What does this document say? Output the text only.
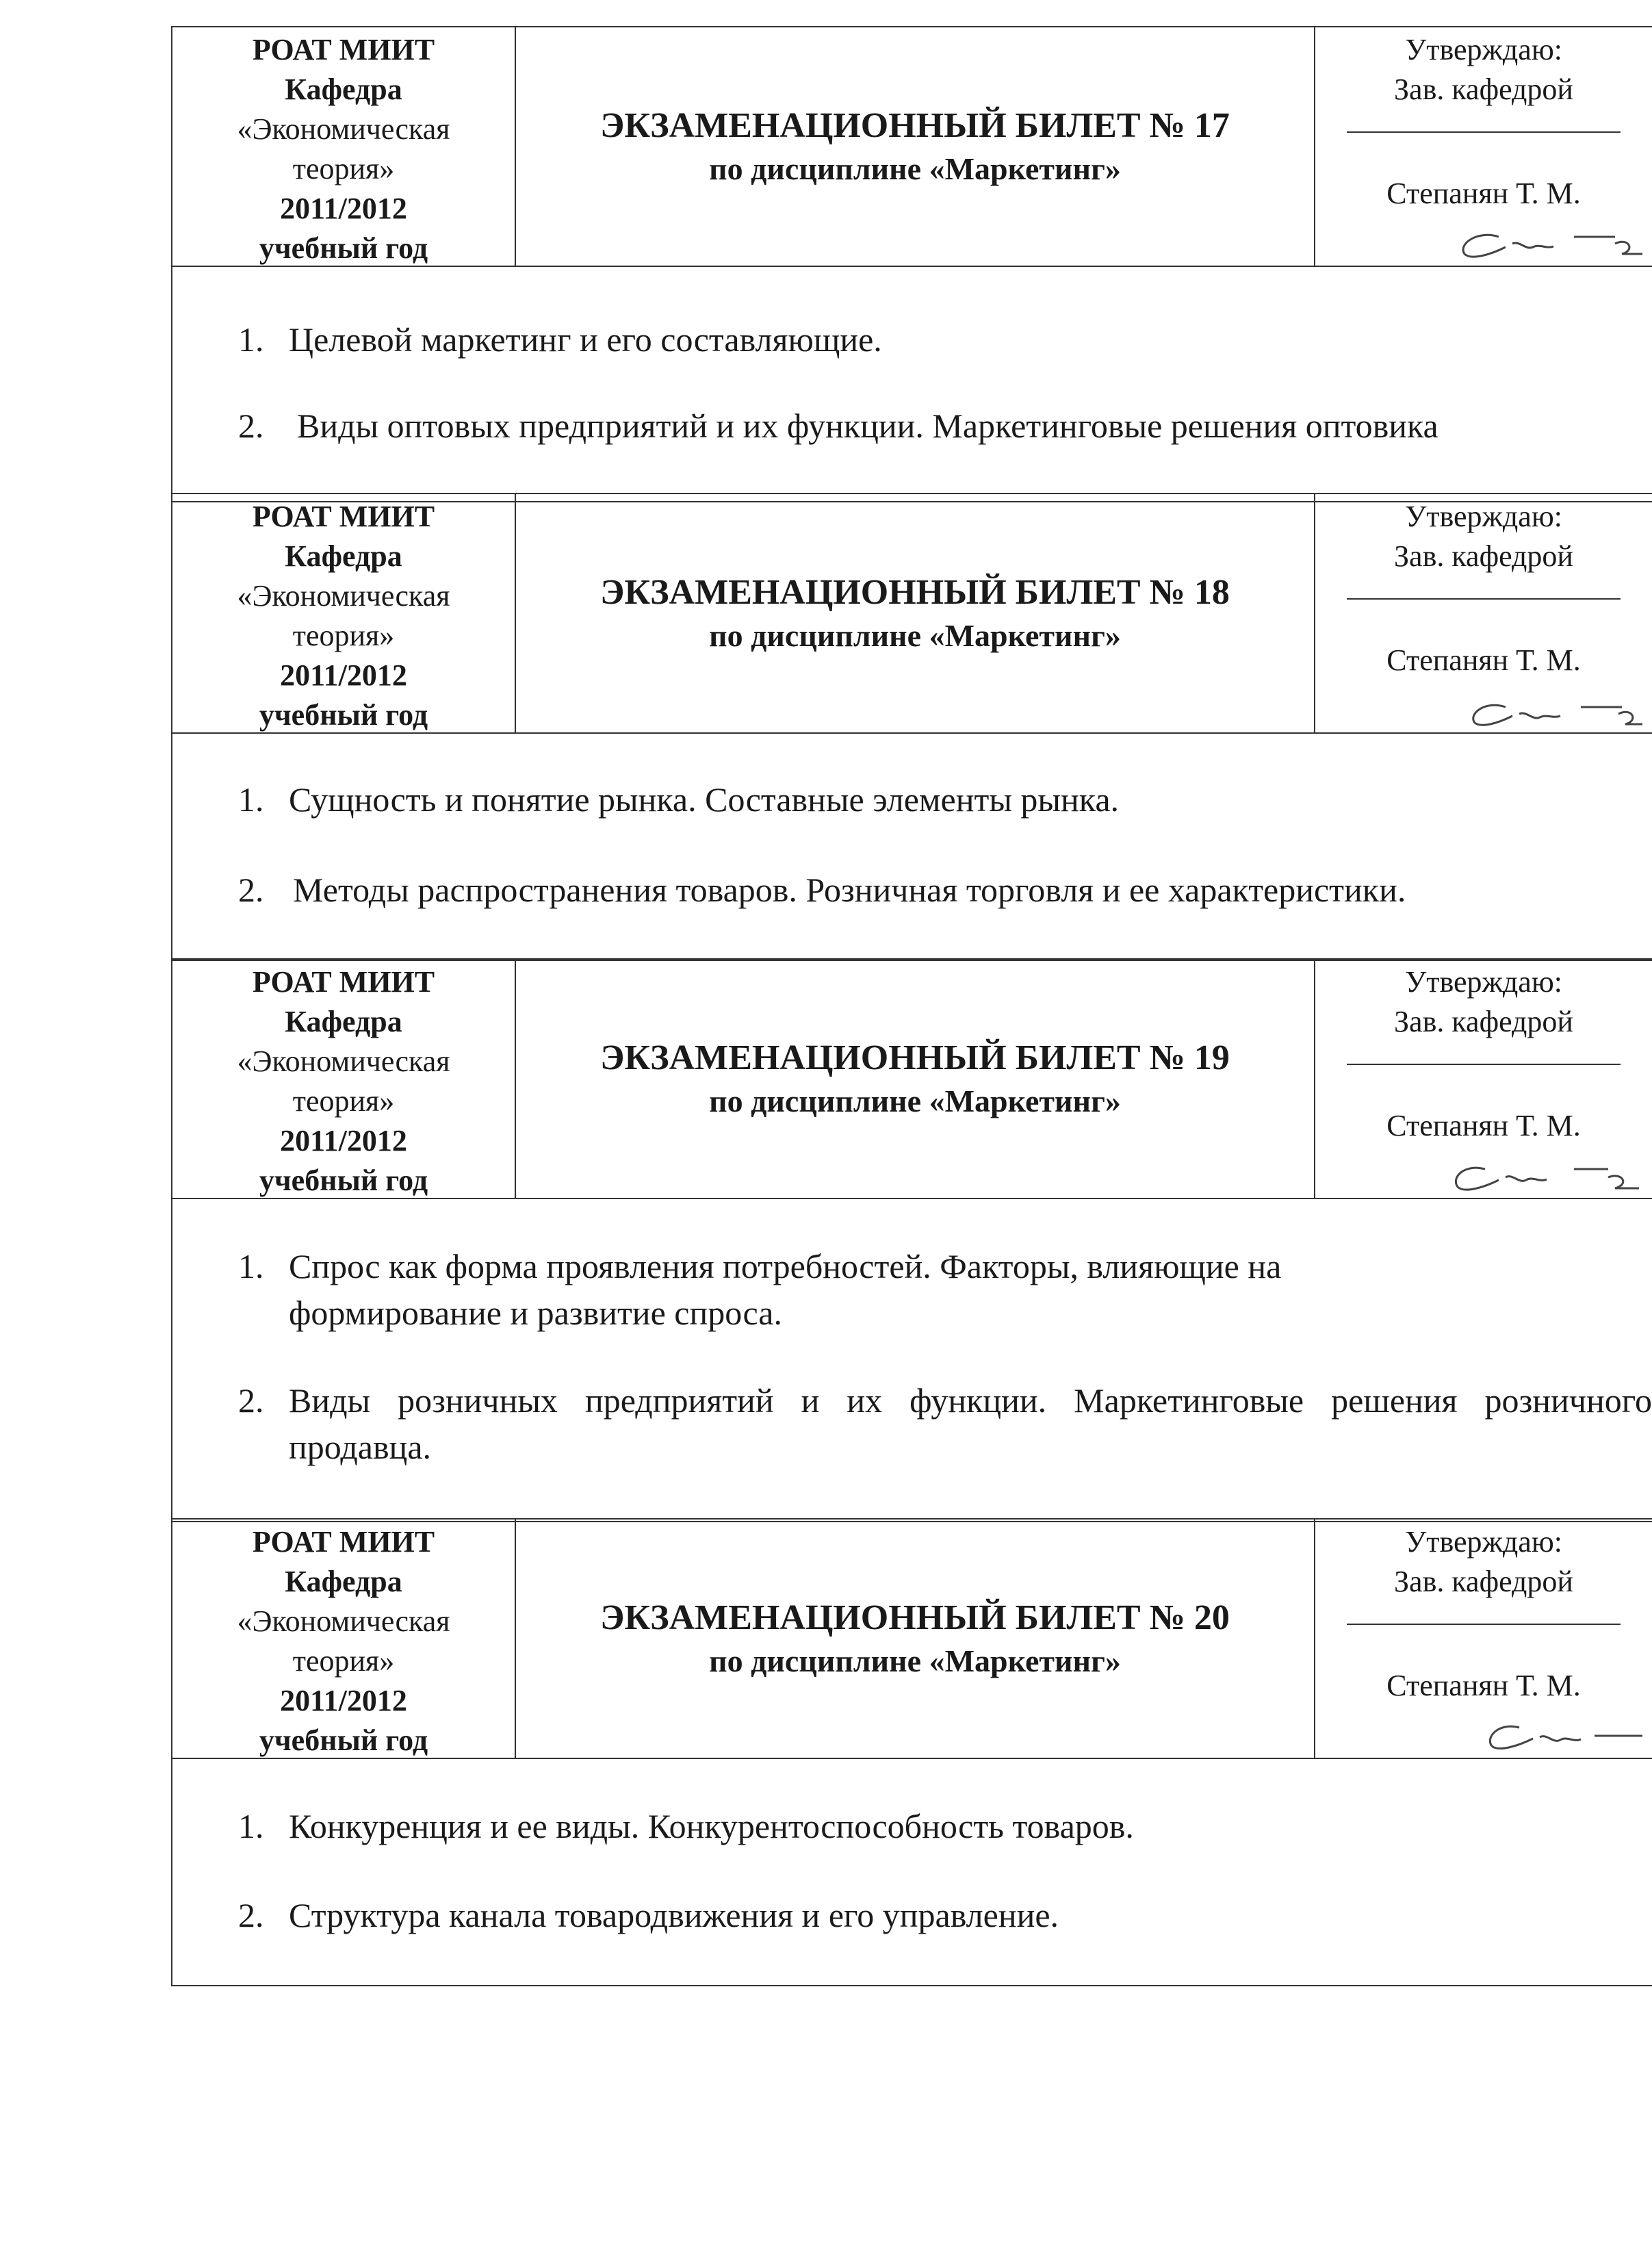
РОАТ МИИТ
Кафедра
«Экономическая
теория»
2011/2012
учебный год
ЭКЗАМЕНАЦИОННЫЙ БИЛЕТ № 17
по дисциплине «Маркетинг»
Утверждаю:
Зав. кафедрой
Степанян Т. М.
1. Целевой маркетинг и его составляющие.
2. Виды оптовых предприятий и их функции. Маркетинговые решения оптовика
РОАТ МИИТ
Кафедра
«Экономическая
теория»
2011/2012
учебный год
ЭКЗАМЕНАЦИОННЫЙ БИЛЕТ № 18
по дисциплине «Маркетинг»
Утверждаю:
Зав. кафедрой
Степанян Т. М.
1. Сущность и понятие рынка. Составные элементы рынка.
2. Методы распространения товаров. Розничная торговля и ее характеристики.
РОАТ МИИТ
Кафедра
«Экономическая
теория»
2011/2012
учебный год
ЭКЗАМЕНАЦИОННЫЙ БИЛЕТ № 19
по дисциплине «Маркетинг»
Утверждаю:
Зав. кафедрой
Степанян Т. М.
1. Спрос как форма проявления потребностей. Факторы, влияющие на формирование и развитие спроса.
2. Виды розничных предприятий и их функции. Маркетинговые решения розничного продавца.
РОАТ МИИТ
Кафедра
«Экономическая
теория»
2011/2012
учебный год
ЭКЗАМЕНАЦИОННЫЙ БИЛЕТ № 20
по дисциплине «Маркетинг»
Утверждаю:
Зав. кафедрой
Степанян Т. М.
1. Конкуренция и ее виды. Конкурентоспособность товаров.
2. Структура канала товародвижения и его управление.
